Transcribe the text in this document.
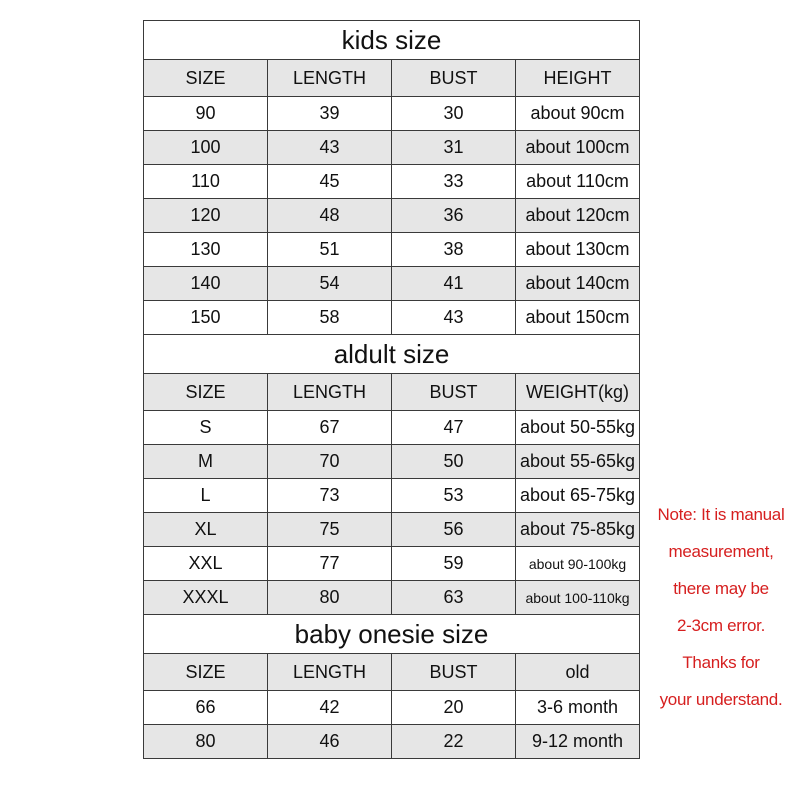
kids size			
SIZE	LENGTH	BUST	HEIGHT
90	39	30	about 90cm
100	43	31	about 100cm
110	45	33	about 110cm
120	48	36	about 120cm
130	51	38	about 130cm
140	54	41	about 140cm
150	58	43	about 150cm
aldult size			
SIZE	LENGTH	BUST	WEIGHT(kg)
S	67	47	about 50-55kg
M	70	50	about 55-65kg
L	73	53	about 65-75kg
XL	75	56	about 75-85kg
XXL	77	59	about 90-100kg
XXXL	80	63	about 100-110kg
baby onesie size			
SIZE	LENGTH	BUST	old
66	42	20	3-6 month
80	46	22	9-12 month
Note: It is manual
measurement,
there may be
2-3cm error.
Thanks for
your understand.
